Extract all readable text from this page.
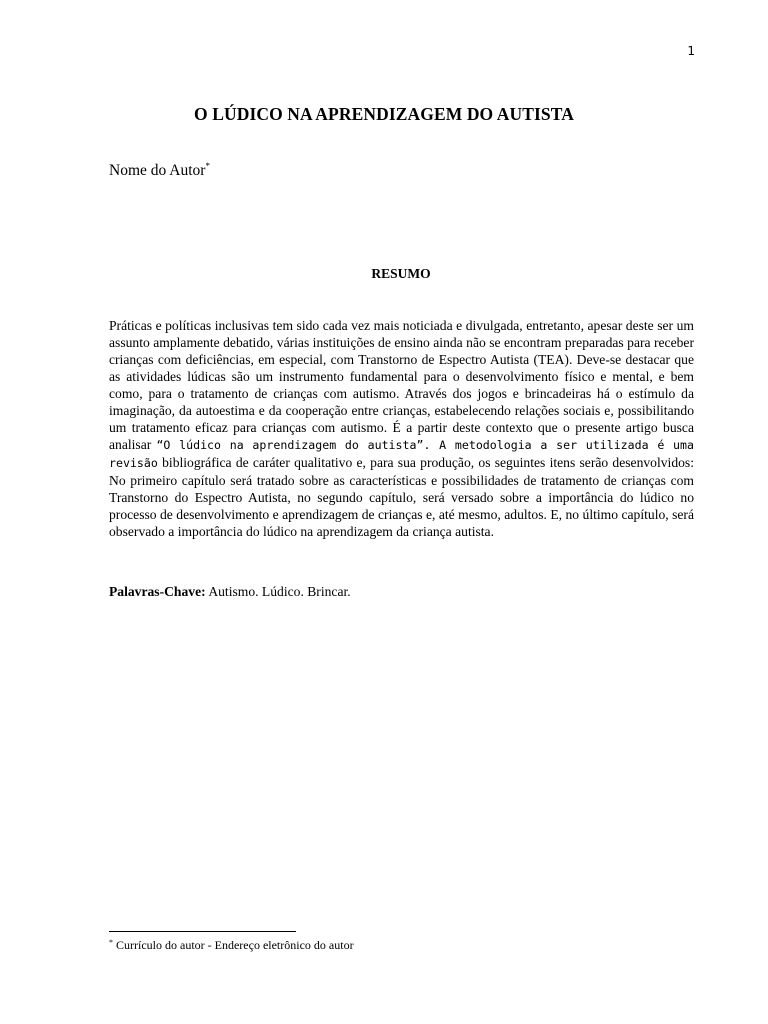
1
O LÚDICO NA APRENDIZAGEM DO AUTISTA
Nome do Autor*
RESUMO
Práticas e políticas inclusivas tem sido cada vez mais noticiada e divulgada, entretanto, apesar deste ser um assunto amplamente debatido, várias instituições de ensino ainda não se encontram preparadas para receber crianças com deficiências, em especial, com Transtorno de Espectro Autista (TEA). Deve-se destacar que as atividades lúdicas são um instrumento fundamental para o desenvolvimento físico e mental, e bem como, para o tratamento de crianças com autismo. Através dos jogos e brincadeiras há o estímulo da imaginação, da autoestima e da cooperação entre crianças, estabelecendo relações sociais e, possibilitando um tratamento eficaz para crianças com autismo. É a partir deste contexto que o presente artigo busca analisar “O lúdico na aprendizagem do autista”. A metodologia a ser utilizada é uma revisão bibliográfica de caráter qualitativo e, para sua produção, os seguintes itens serão desenvolvidos: No primeiro capítulo será tratado sobre as características e possibilidades de tratamento de crianças com Transtorno do Espectro Autista, no segundo capítulo, será versado sobre a importância do lúdico no processo de desenvolvimento e aprendizagem de crianças e, até mesmo, adultos. E, no último capítulo, será observado a importância do lúdico na aprendizagem da criança autista.
Palavras-Chave: Autismo. Lúdico. Brincar.
* Currículo do autor - Endereço eletrônico do autor
